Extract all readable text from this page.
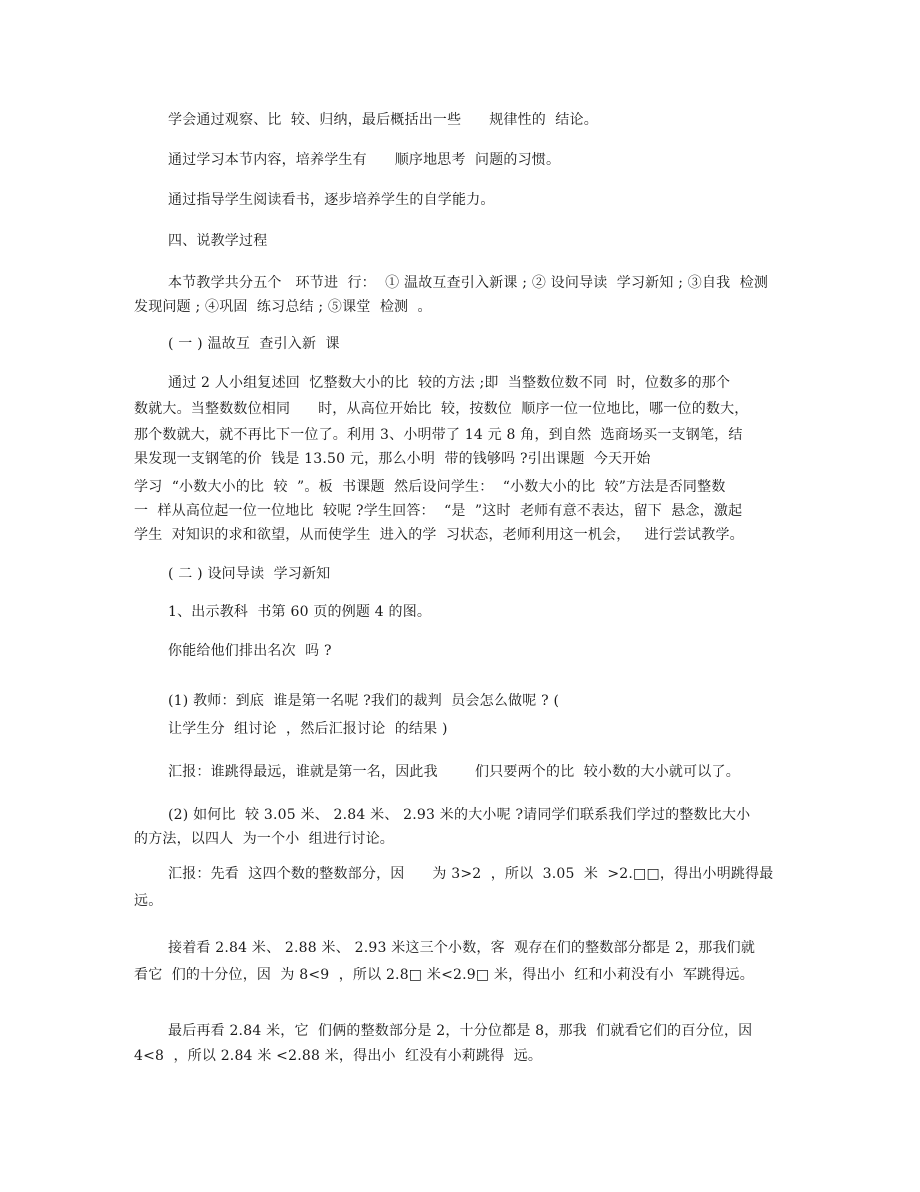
学会通过观察、比  较、归纳，最后概括出一些      规律性的  结论。
通过学习本节内容，培养学生有      顺序地思考  问题的习惯。
通过指导学生阅读看书，逐步培养学生的自学能力。
四、说教学过程
本节教学共分五个   环节进  行：  ① 温故互查引入新课 ; ② 设问导读  学习新知 ; ③自我  检测
发现问题 ; ④巩固  练习总结 ; ⑤课堂  检测  。
( 一 ) 温故互  查引入新  课
通过 2 人小组复述回  忆整数大小的比  较的方法 ;即  当整数位数不同  时，位数多的那个
数就大。当整数数位相同      时，从高位开始比  较，按数位  顺序一位一位地比，哪一位的数大，
那个数就大，就不再比下一位了。利用 3、小明带了 14 元 8 角，到自然  选商场买一支钢笔，结
果发现一支钢笔的价  钱是 13.50 元，那么小明  带的钱够吗 ?引出课题  今天开始
学习  “小数大小的比  较  ”。板  书课题  然后设问学生：  “小数大小的比  较”方法是否同整数
一  样从高位起一位一位地比  较呢 ?学生回答：  “是  ”这时  老师有意不表达，留下  悬念，激起
学生  对知识的求和欲望，从而使学生  进入的学  习状态，老师利用这一机会，   进行尝试教学。
( 二 ) 设问导读  学习新知
1、出示教科  书第 60 页的例题 4 的图。
你能给他们排出名次  吗 ?
(1) 教师：到底  谁是第一名呢 ?我们的裁判  员会怎么做呢 ? (
让学生分  组讨论  ，然后汇报讨论  的结果 )
汇报：谁跳得最远，谁就是第一名，因此我        们只要两个的比  较小数的大小就可以了。
(2) 如何比  较 3.05 米、 2.84 米、 2.93 米的大小呢 ?请同学们联系我们学过的整数比大小
的方法，以四人  为一个小  组进行讨论。
汇报：先看  这四个数的整数部分，因      为 3>2  ，所以  3.05  米  >2.□□，得出小明跳得最
远。
接着看 2.84 米、 2.88 米、 2.93 米这三个小数，客  观存在们的整数部分都是 2，那我们就
看它  们的十分位，因  为 8<9  ，所以 2.8□ 米<2.9□ 米，得出小  红和小莉没有小  军跳得远。
最后再看 2.84 米，它  们俩的整数部分是 2，十分位都是 8，那我  们就看它们的百分位，因
4<8  ，所以 2.84 米 <2.88 米，得出小  红没有小莉跳得  远。
